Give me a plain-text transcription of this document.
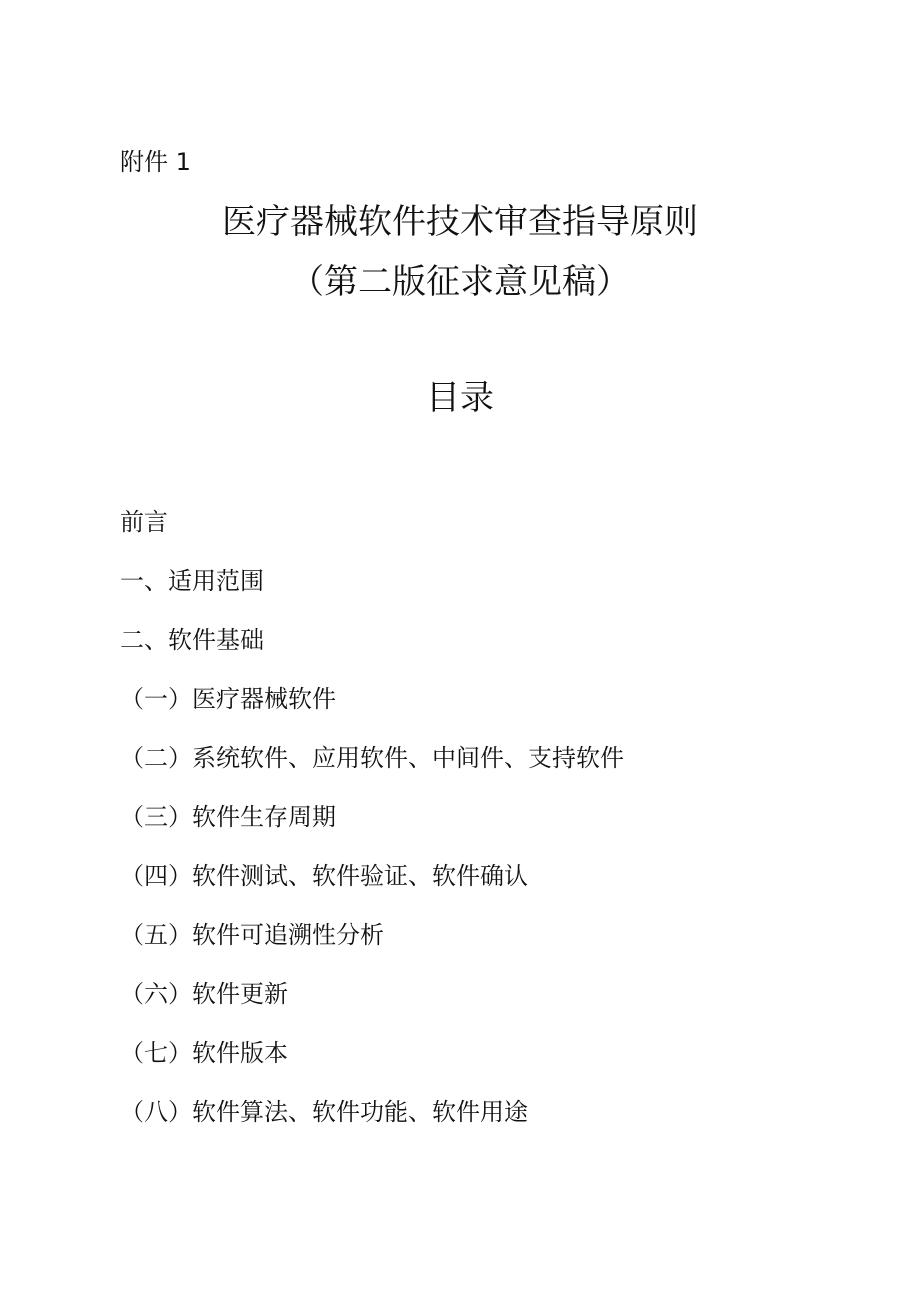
附件 1
医疗器械软件技术审查指导原则
（第二版征求意见稿）
目录
前言
一、适用范围
二、软件基础
（一）医疗器械软件
（二）系统软件、应用软件、中间件、支持软件
（三）软件生存周期
（四）软件测试、软件验证、软件确认
（五）软件可追溯性分析
（六）软件更新
（七）软件版本
（八）软件算法、软件功能、软件用途
